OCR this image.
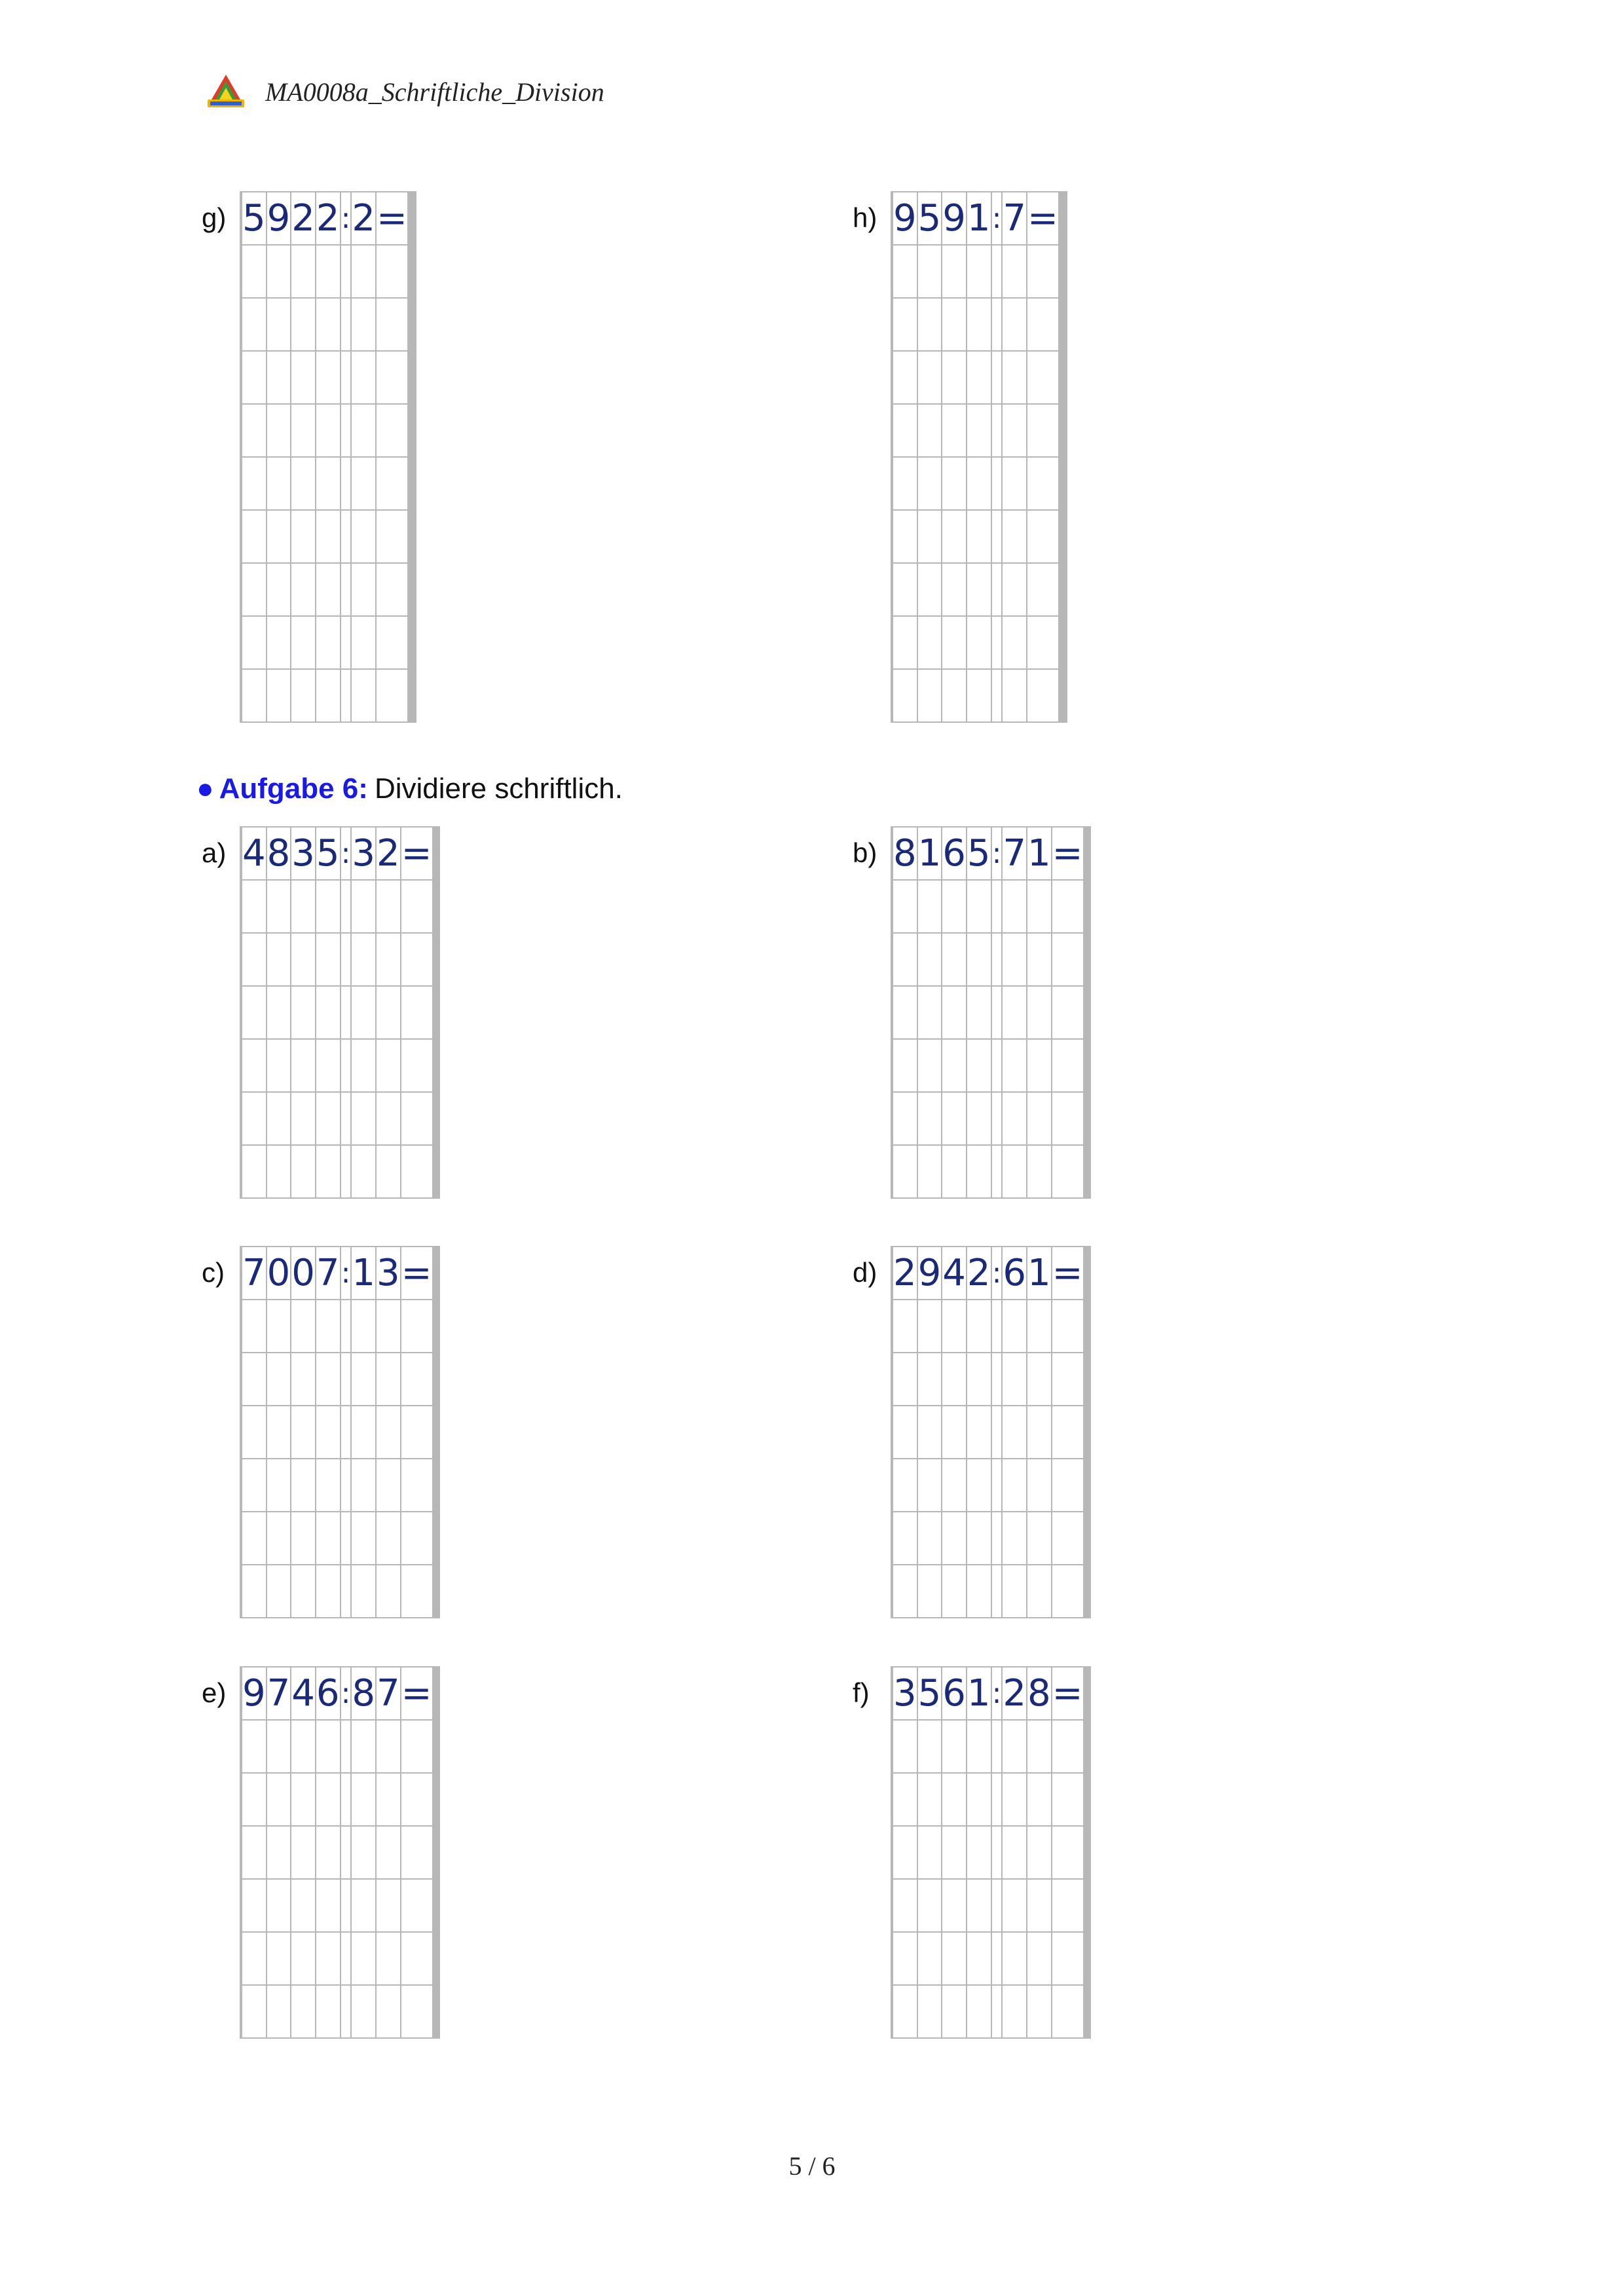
MA0008a_Schriftliche_Division
g)
	5	9	2	2	:	2	=						

														h)
	9	5	9	1	:	7	=						

● Aufgabe 6: Dividiere schriftlich.
a)
	4	8	3	5	:	3	2	=					

														b)
	8	1	6	5	:	7	1	=					

c)
	7	0	0	7	:	1	3	=					

														d)
	2	9	4	2	:	6	1	=					

e)
	9	7	4	6	:	8	7	=					

														f)
	3	5	6	1	:	2	8	=					

5 / 6
